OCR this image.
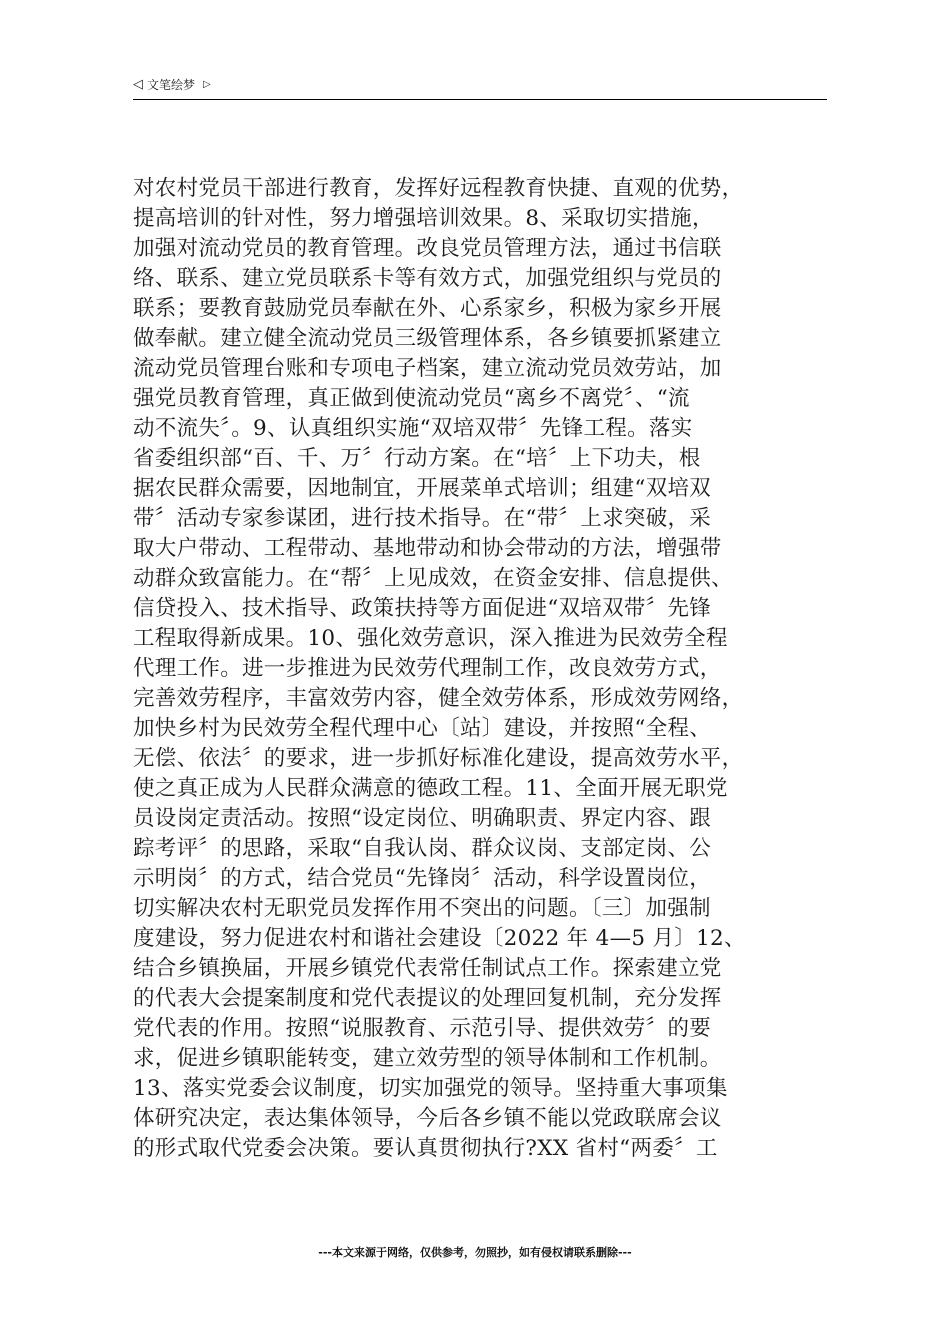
◁ 文笔绘梦 ▷
对农村党员干部进行教育，发挥好远程教育快捷、直观的优势，
提高培训的针对性，努力增强培训效果。8、采取切实措施，
加强对流动党员的教育管理。改良党员管理方法，通过书信联
络、联系、建立党员联系卡等有效方式，加强党组织与党员的
联系；要教育鼓励党员奉献在外、心系家乡，积极为家乡开展
做奉献。建立健全流动党员三级管理体系，各乡镇要抓紧建立
流动党员管理台账和专项电子档案，建立流动党员效劳站，加
强党员教育管理，真正做到使流动党员“离乡不离党〞、“流
动不流失〞。9、认真组织实施“双培双带〞先锋工程。落实
省委组织部“百、千、万〞行动方案。在“培〞上下功夫，根
据农民群众需要，因地制宜，开展菜单式培训；组建“双培双
带〞活动专家参谋团，进行技术指导。在“带〞上求突破，采
取大户带动、工程带动、基地带动和协会带动的方法，增强带
动群众致富能力。在“帮〞上见成效，在资金安排、信息提供、
信贷投入、技术指导、政策扶持等方面促进“双培双带〞先锋
工程取得新成果。10、强化效劳意识，深入推进为民效劳全程
代理工作。进一步推进为民效劳代理制工作，改良效劳方式，
完善效劳程序，丰富效劳内容，健全效劳体系，形成效劳网络，
加快乡村为民效劳全程代理中心〔站〕建设，并按照“全程、
无偿、依法〞的要求，进一步抓好标准化建设，提高效劳水平，
使之真正成为人民群众满意的德政工程。11、全面开展无职党
员设岗定责活动。按照“设定岗位、明确职责、界定内容、跟
踪考评〞的思路，采取“自我认岗、群众议岗、支部定岗、公
示明岗〞的方式，结合党员“先锋岗〞活动，科学设置岗位，
切实解决农村无职党员发挥作用不突出的问题。〔三〕加强制
度建设，努力促进农村和谐社会建设〔2022 年 4—5 月〕12、
结合乡镇换届，开展乡镇党代表常任制试点工作。探索建立党
的代表大会提案制度和党代表提议的处理回复机制，充分发挥
党代表的作用。按照“说服教育、示范引导、提供效劳〞的要
求，促进乡镇职能转变，建立效劳型的领导体制和工作机制。
13、落实党委会议制度，切实加强党的领导。坚持重大事项集
体研究决定，表达集体领导，今后各乡镇不能以党政联席会议
的形式取代党委会决策。要认真贯彻执行?XX 省村“两委〞工
---本文来源于网络，仅供参考，勿照抄，如有侵权请联系删除---
